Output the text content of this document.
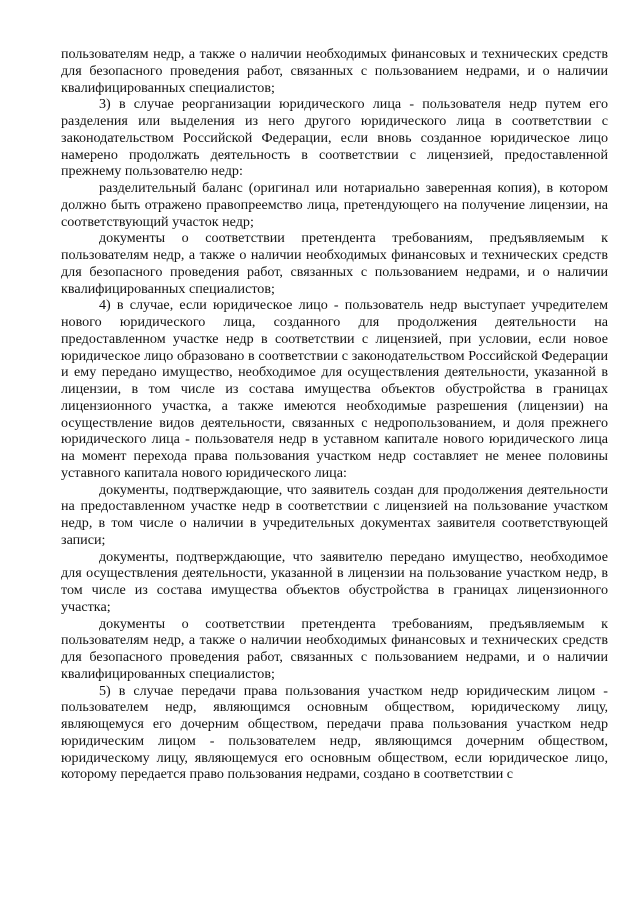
пользователям недр, а также о наличии необходимых финансовых и технических средств для безопасного проведения работ, связанных с пользованием недрами, и о наличии квалифицированных специалистов;

3) в случае реорганизации юридического лица - пользователя недр путем его разделения или выделения из него другого юридического лица в соответствии с законодательством Российской Федерации, если вновь созданное юридическое лицо намерено продолжать деятельность в соответствии с лицензией, предоставленной прежнему пользователю недр:

разделительный баланс (оригинал или нотариально заверенная копия), в котором должно быть отражено правопреемство лица, претендующего на получение лицензии, на соответствующий участок недр;

документы о соответствии претендента требованиям, предъявляемым к пользователям недр, а также о наличии необходимых финансовых и технических средств для безопасного проведения работ, связанных с пользованием недрами, и о наличии квалифицированных специалистов;

4) в случае, если юридическое лицо - пользователь недр выступает учредителем нового юридического лица, созданного для продолжения деятельности на предоставленном участке недр в соответствии с лицензией, при условии, если новое юридическое лицо образовано в соответствии с законодательством Российской Федерации и ему передано имущество, необходимое для осуществления деятельности, указанной в лицензии, в том числе из состава имущества объектов обустройства в границах лицензионного участка, а также имеются необходимые разрешения (лицензии) на осуществление видов деятельности, связанных с недропользованием, и доля прежнего юридического лица - пользователя недр в уставном капитале нового юридического лица на момент перехода права пользования участком недр составляет не менее половины уставного капитала нового юридического лица:

документы, подтверждающие, что заявитель создан для продолжения деятельности на предоставленном участке недр в соответствии с лицензией на пользование участком недр, в том числе о наличии в учредительных документах заявителя соответствующей записи;

документы, подтверждающие, что заявителю передано имущество, необходимое для осуществления деятельности, указанной в лицензии на пользование участком недр, в том числе из состава имущества объектов обустройства в границах лицензионного участка;

документы о соответствии претендента требованиям, предъявляемым к пользователям недр, а также о наличии необходимых финансовых и технических средств для безопасного проведения работ, связанных с пользованием недрами, и о наличии квалифицированных специалистов;

5) в случае передачи права пользования участком недр юридическим лицом - пользователем недр, являющимся основным обществом, юридическому лицу, являющемуся его дочерним обществом, передачи права пользования участком недр юридическим лицом - пользователем недр, являющимся дочерним обществом, юридическому лицу, являющемуся его основным обществом, если юридическое лицо, которому передается право пользования недрами, создано в соответствии с
